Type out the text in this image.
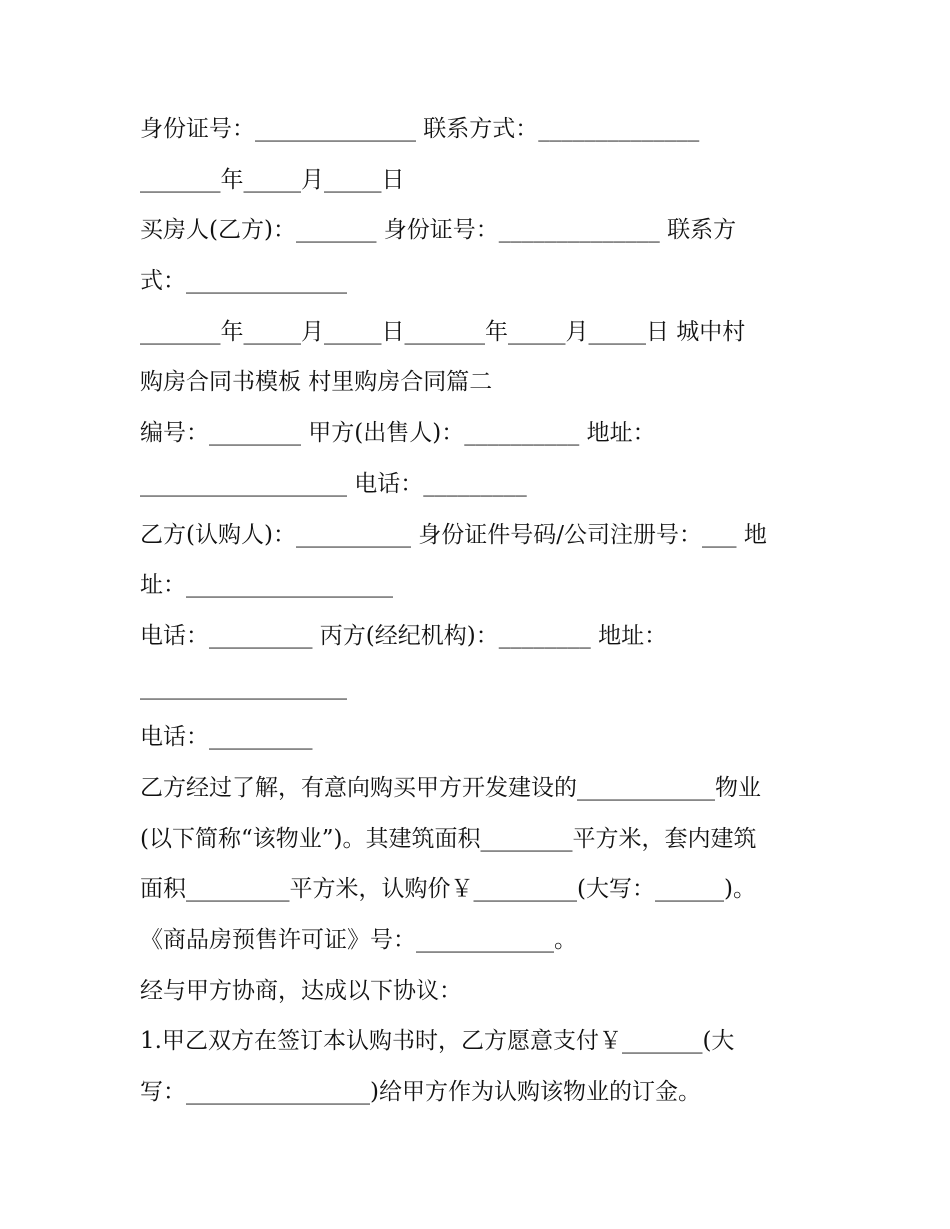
身份证号：______________ 联系方式：______________
_______年_____月_____日
买房人(乙方)：_______ 身份证号：______________ 联系方
式：______________
_______年_____月_____日_______年_____月_____日 城中村
购房合同书模板 村里购房合同篇二
编号：________ 甲方(出售人)：__________ 地址：
__________________ 电话：_________
乙方(认购人)：__________ 身份证件号码/公司注册号：___ 地
址：__________________
电话：_________ 丙方(经纪机构)：________ 地址：
__________________
电话：_________
乙方经过了解，有意向购买甲方开发建设的____________物业
(以下简称“该物业”)。其建筑面积________平方米，套内建筑
面积_________平方米，认购价￥_________(大写：______)。
《商品房预售许可证》号：____________。
经与甲方协商，达成以下协议：
1.甲乙双方在签订本认购书时，乙方愿意支付￥_______(大
写：________________)给甲方作为认购该物业的订金。
